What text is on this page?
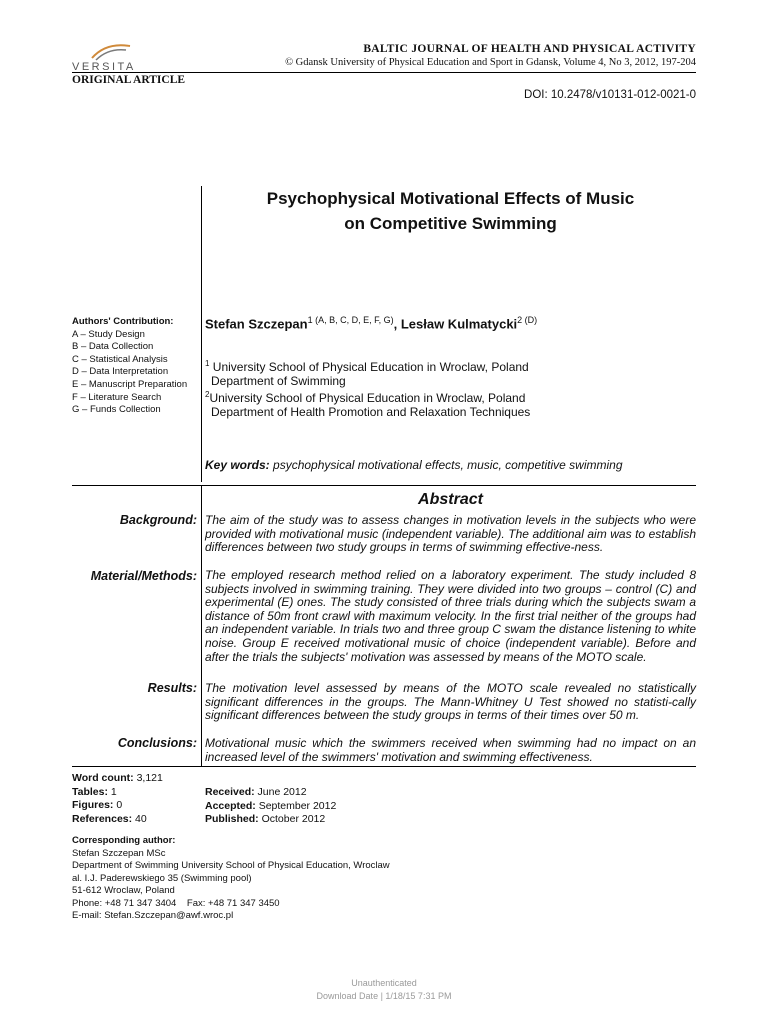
VERSITA
BALTIC JOURNAL OF HEALTH AND PHYSICAL ACTIVITY
© Gdansk University of Physical Education and Sport in Gdansk, Volume 4, No 3, 2012, 197-204
ORIGINAL ARTICLE
DOI: 10.2478/v10131-012-0021-0
Psychophysical Motivational Effects of Music
on Competitive Swimming
Stefan Szczepan$^{1 (A, B, C, D, E, F, G)}$, Lesław Kulmatycki$^{2 (D)}$
$^1$ University School of Physical Education in Wroclaw, Poland
Department of Swimming
$^2$University School of Physical Education in Wroclaw, Poland
Department of Health Promotion and Relaxation Techniques
Key words: psychophysical motivational effects, music, competitive swimming
Authors' Contribution:
A – Study Design
B – Data Collection
C – Statistical Analysis
D – Data Interpretation
E – Manuscript Preparation
F – Literature Search
G – Funds Collection
Abstract
Background: The aim of the study was to assess changes in motivation levels in the subjects who were provided with motivational music (independent variable). The additional aim was to establish differences between two study groups in terms of swimming effective-ness.
Material/Methods: The employed research method relied on a laboratory experiment. The study included 8 subjects involved in swimming training. They were divided into two groups – control (C) and experimental (E) ones. The study consisted of three trials during which the subjects swam a distance of 50m front crawl with maximum velocity. In the first trial neither of the groups had an independent variable. In trials two and three group C swam the distance listening to white noise. Group E received motivational music of choice (independent variable). Before and after the trials the subjects' motivation was assessed by means of the MOTO scale.
Results: The motivation level assessed by means of the MOTO scale revealed no statistically significant differences in the groups. The Mann-Whitney U Test showed no statisti-cally significant differences between the study groups in terms of their times over 50 m.
Conclusions: Motivational music which the swimmers received when swimming had no impact on an increased level of the swimmers' motivation and swimming effectiveness.
Word count: 3,121
Tables: 1
Figures: 0
References: 40
Received: June 2012
Accepted: September 2012
Published: October 2012
Corresponding author:
Stefan Szczepan MSc
Department of Swimming University School of Physical Education, Wroclaw
al. I.J. Paderewskiego 35 (Swimming pool)
51-612 Wroclaw, Poland
Phone: +48 71 347 3404    Fax: +48 71 347 3450
E-mail: Stefan.Szczepan@awf.wroc.pl
Unauthenticated
Download Date | 1/18/15 7:31 PM
